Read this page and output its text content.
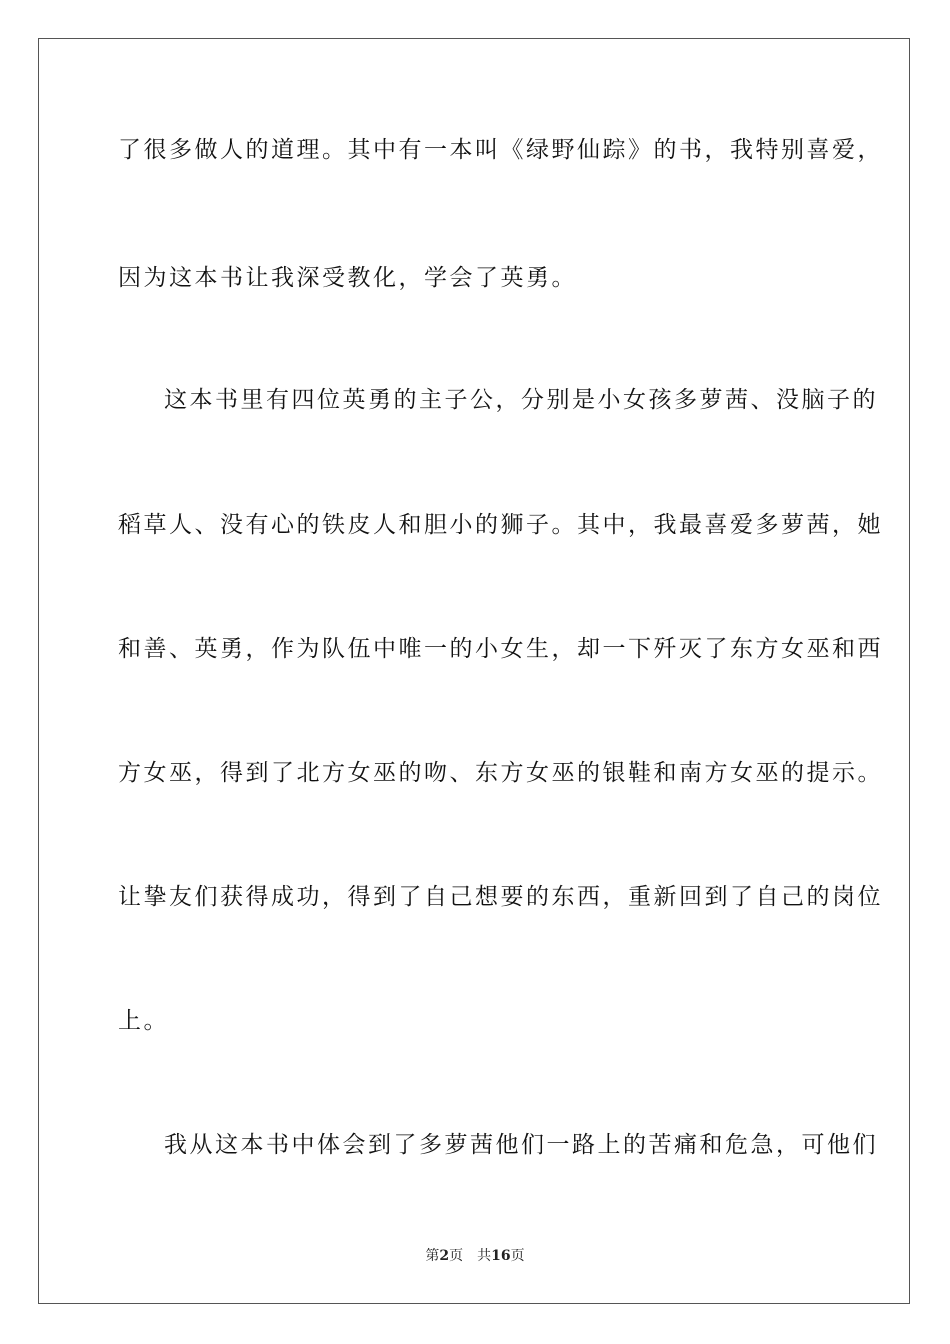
了很多做人的道理。其中有一本叫《绿野仙踪》的书，我特别喜爱，
因为这本书让我深受教化，学会了英勇。
这本书里有四位英勇的主子公，分别是小女孩多萝茜、没脑子的
稻草人、没有心的铁皮人和胆小的狮子。其中，我最喜爱多萝茜，她
和善、英勇，作为队伍中唯一的小女生，却一下歼灭了东方女巫和西
方女巫，得到了北方女巫的吻、东方女巫的银鞋和南方女巫的提示。
让挚友们获得成功，得到了自己想要的东西，重新回到了自己的岗位
上。
我从这本书中体会到了多萝茜他们一路上的苦痛和危急，可他们
第2页 共16页
